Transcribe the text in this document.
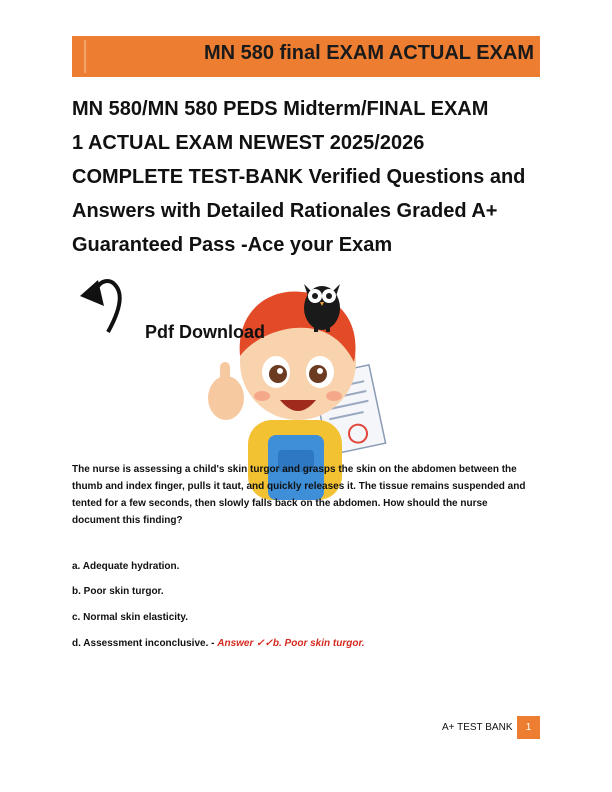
MN 580 final EXAM ACTUAL EXAM
MN 580/MN 580 PEDS Midterm/FINAL EXAM
1 ACTUAL EXAM NEWEST 2025/2026
COMPLETE TEST-BANK Verified Questions and
Answers with Detailed Rationales Graded A+
Guaranteed Pass -Ace your Exam
Pdf Download
The nurse is assessing a child's skin turgor and grasps the skin on the abdomen between the thumb and index finger, pulls it taut, and quickly releases it. The tissue remains suspended and tented for a few seconds, then slowly falls back on the abdomen. How should the nurse document this finding?
a. Adequate hydration.
b. Poor skin turgor.
c. Normal skin elasticity.
d. Assessment inconclusive. - Answer ✓✓b. Poor skin turgor.
A+ TEST BANK	1
